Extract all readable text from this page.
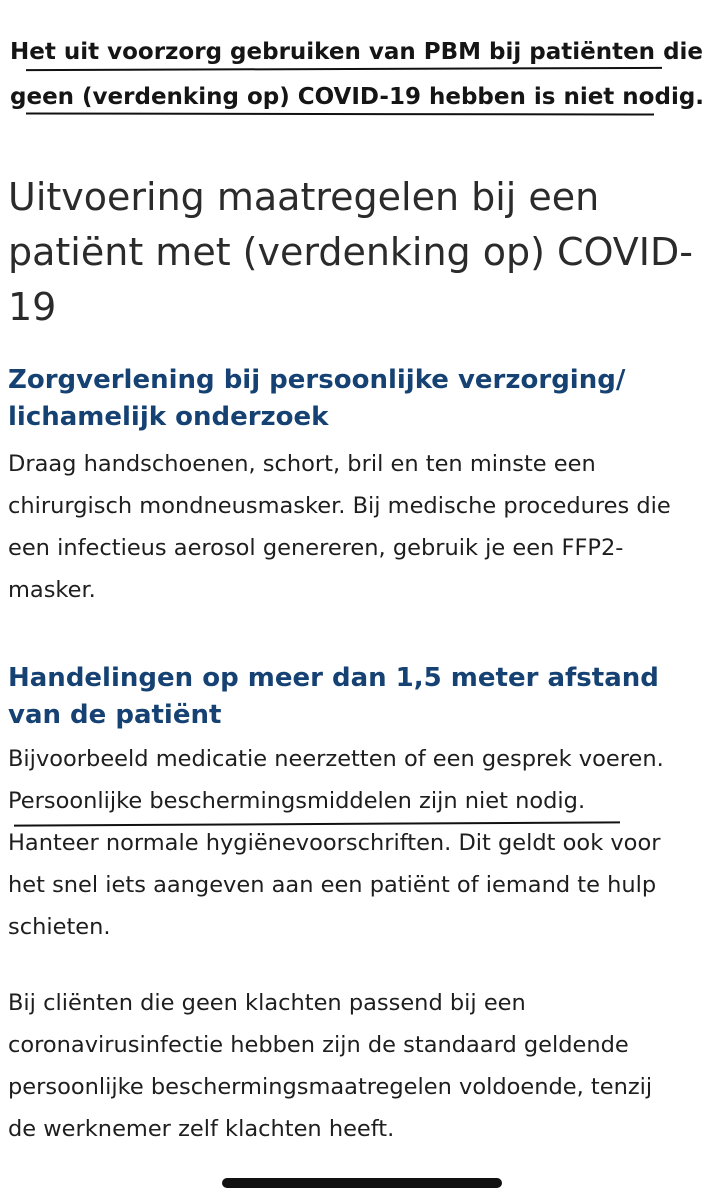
Het uit voorzorg gebruiken van PBM bij patiënten die
geen (verdenking op) COVID-19 hebben is niet nodig.
Uitvoering maatregelen bij een
patiënt met (verdenking op) COVID-
19
Zorgverlening bij persoonlijke verzorging/
lichamelijk onderzoek
Draag handschoenen, schort, bril en ten minste een
chirurgisch mondneusmasker. Bij medische procedures die
een infectieus aerosol genereren, gebruik je een FFP2-
masker.
Handelingen op meer dan 1,5 meter afstand
van de patiënt
Bijvoorbeeld medicatie neerzetten of een gesprek voeren.
Persoonlijke beschermingsmiddelen zijn niet nodig.
Hanteer normale hygiënevoorschriften. Dit geldt ook voor
het snel iets aangeven aan een patiënt of iemand te hulp
schieten.
Bij cliënten die geen klachten passend bij een
coronavirusinfectie hebben zijn de standaard geldende
persoonlijke beschermingsmaatregelen voldoende, tenzij
de werknemer zelf klachten heeft.
